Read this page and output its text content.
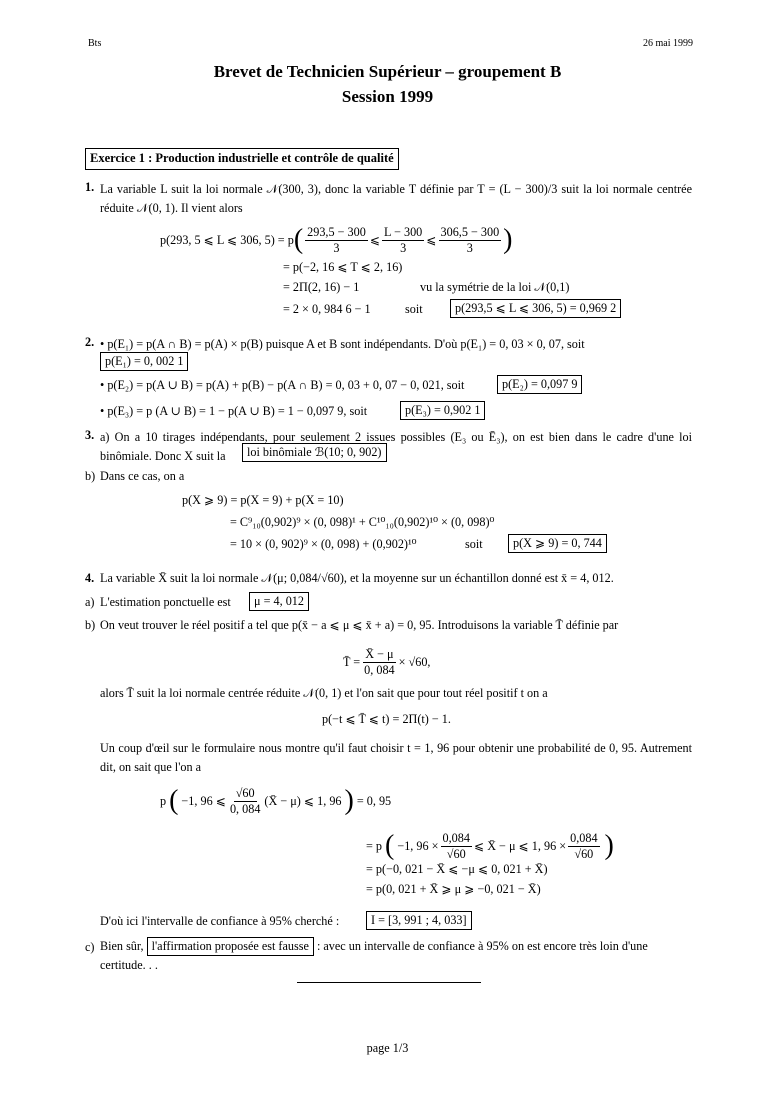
Bts	26 mai 1999
Brevet de Technicien Supérieur – groupement B
Session 1999
Exercice 1 : Production industrielle et contrôle de qualité
1. La variable L suit la loi normale 𝒩(300, 3), donc la variable T définie par T = (L − 300)/3 suit la loi normale centrée réduite 𝒩(0, 1). Il vient alors
p(293, 5 ⩽ L ⩽ 306, 5) = p ( $\frac{293,5 - 300}{3}$ ⩽ $\frac{L - 300}{3}$ ⩽ $\frac{306,5 - 300}{3}$ )
= p(−2, 16 ⩽ T ⩽ 2, 16)
= 2Π(2, 16) − 1	vu la symétrie de la loi 𝒩(0,1)
= 2 × 0, 984 6 − 1	soit	p(293,5 ⩽ L ⩽ 306, 5) = 0,969 2
2. • p(E₁) = p(A ∩ B) = p(A) × p(B) puisque A et B sont indépendants. D'où p(E₁) = 0, 03 × 0, 07, soit
p(E₁) = 0, 002 1
• p(E₂) = p(A ∪ B) = p(A) + p(B) − p(A ∩ B) = 0, 03 + 0, 07 − 0, 021, soit	p(E₂) = 0,097 9
• p(E₃) = p (A ∪ B) = 1 − p(A ∪ B) = 1 − 0,097 9, soit	p(E₃) = 0,902 1
3. a) On a 10 tirages indépendants, pour seulement 2 issues possibles (E₃ ou Ē₃), on est bien dans le cadre d'une loi binômiale. Donc X suit la	loi binômiale ℬ(10; 0, 902)
b) Dans ce cas, on a
p(X ⩾ 9) = p(X = 9) + p(X = 10)
= C⁹₁₀(0,902)⁹ × (0, 098)¹ + C¹⁰₁₀(0,902)¹⁰ × (0, 098)⁰
= 10 × (0, 902)⁹ × (0, 098) + (0,902)¹⁰	soit	p(X ⩾ 9) = 0, 744
4. La variable X̄ suit la loi normale 𝒩(μ; 0,084/√60), et la moyenne sur un échantillon donné est x̄ = 4, 012.
a) L'estimation ponctuelle est	μ = 4, 012
b) On veut trouver le réel positif a tel que p(x̄ − a ⩽ μ ⩽ x̄ + a) = 0, 95. Introduisons la variable T̄ définie par
T̄ = $\frac{X̄ - \mu}{0, 084} \times √60$,
alors T̄ suit la loi normale centrée réduite 𝒩(0, 1) et l'on sait que pour tout réel positif t on a
p(−t ⩽ T̄ ⩽ t) = 2Π(t) − 1.
Un coup d'œil sur le formulaire nous montre qu'il faut choisir t = 1, 96 pour obtenir une probabilité de 0, 95. Autrement dit, on sait que l'on a
p ( −1, 96 ⩽ $\frac{√60}{0, 084}$ (X̄ − μ) ⩽ 1, 96 ) = 0, 95
= p ( −1, $96 \times \frac{0,084}{√60}$ ⩽ X̄ − μ ⩽ 1, $96 \times \frac{0,084}{√60}$ )
= p(−0, 021 − X̄ ⩽ −μ ⩽ 0, 021 + X̄)
= p(0, 021 + X̄ ⩾ μ ⩾ −0, 021 − X̄)
D'où ici l'intervalle de confiance à 95% cherché :	I = [3, 991 ; 4, 033]
c) Bien sûr, l'affirmation proposée est fausse : avec un intervalle de confiance à 95% on est encore très loin d'une certitude. . .
page 1/3
